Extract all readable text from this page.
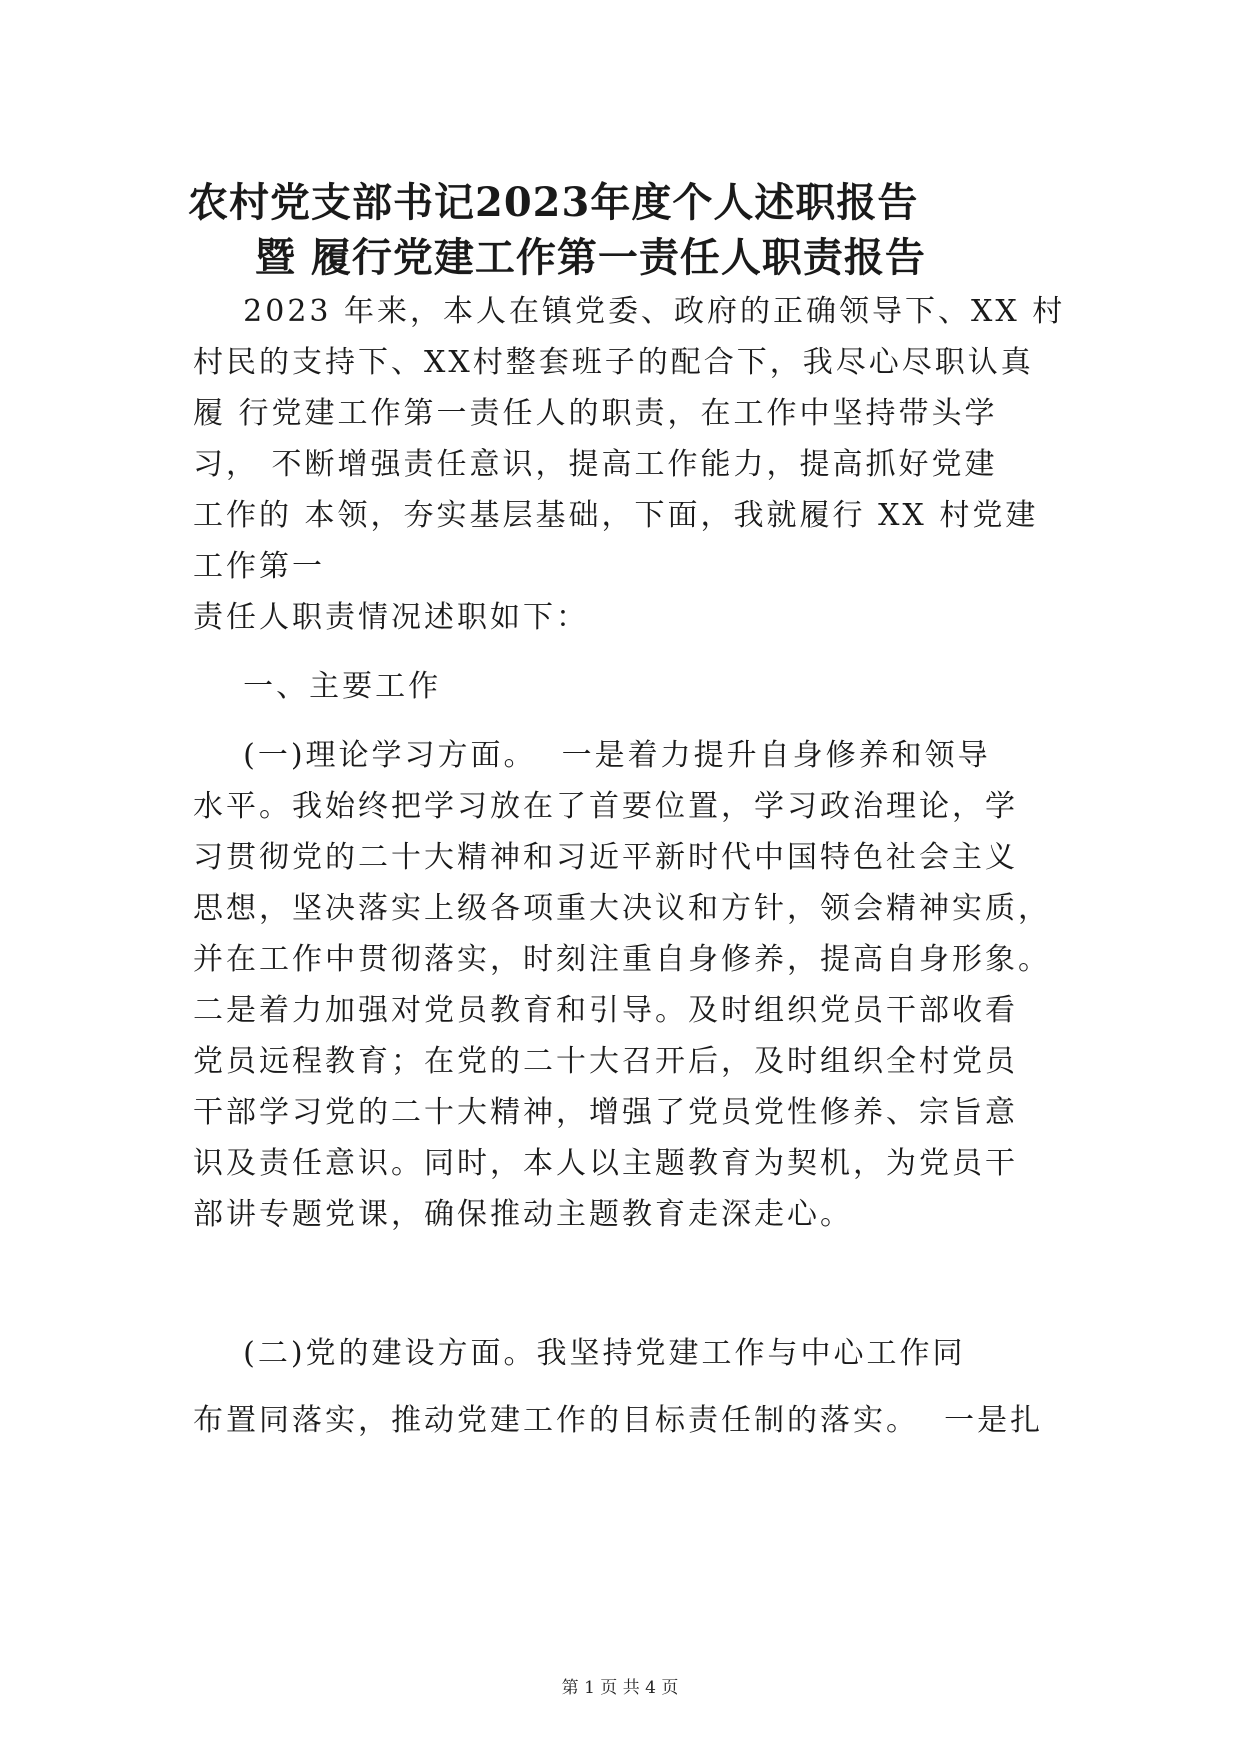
农村党支部书记2023年度个人述职报告
暨 履行党建工作第一责任人职责报告
2023 年来，本人在镇党委、政府的正确领导下、XX 村
村民的支持下、XX村整套班子的配合下，我尽心尽职认真
履 行党建工作第一责任人的职责，在工作中坚持带头学
习， 不断增强责任意识，提高工作能力，提高抓好党建
工作的 本领，夯实基层基础，下面，我就履行 XX 村党建
工作第一
责任人职责情况述职如下：
一、主要工作
(一)理论学习方面。  一是着力提升自身修养和领导
水平。我始终把学习放在了首要位置，学习政治理论，学
习贯彻党的二十大精神和习近平新时代中国特色社会主义
思想，坚决落实上级各项重大决议和方针，领会精神实质，
并在工作中贯彻落实，时刻注重自身修养，提高自身形象。
二是着力加强对党员教育和引导。及时组织党员干部收看
党员远程教育；在党的二十大召开后，及时组织全村党员
干部学习党的二十大精神，增强了党员党性修养、宗旨意
识及责任意识。同时，本人以主题教育为契机，为党员干
部讲专题党课，确保推动主题教育走深走心。
(二)党的建设方面。我坚持党建工作与中心工作同
布置同落实，推动党建工作的目标责任制的落实。  一是扎
第 1 页 共 4 页
